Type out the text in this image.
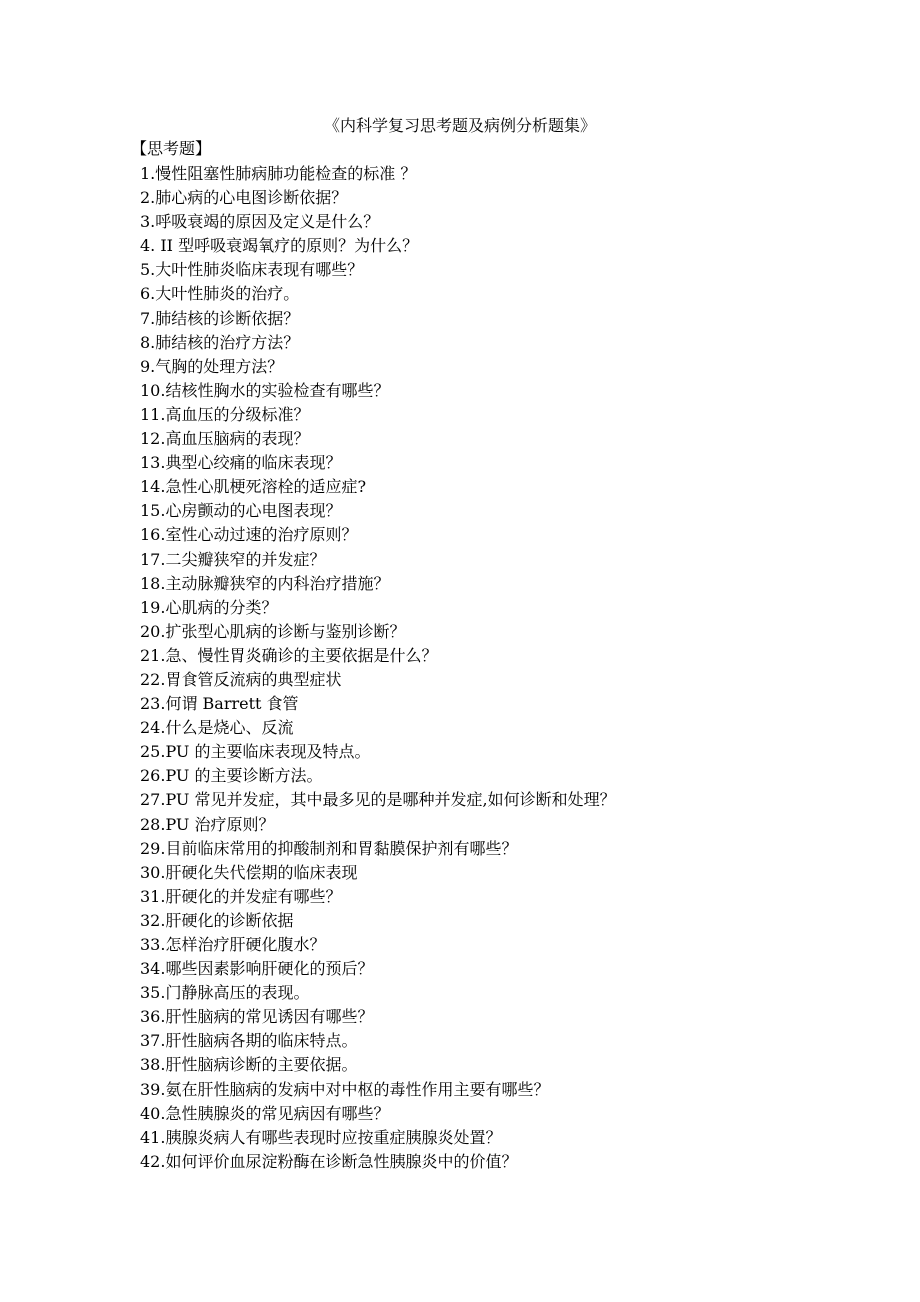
《内科学复习思考题及病例分析题集》
【思考题】
1.慢性阻塞性肺病肺功能检查的标准 ？
2.肺心病的心电图诊断依据？
3.呼吸衰竭的原因及定义是什么？
4. II 型呼吸衰竭氧疗的原则？为什么？
5.大叶性肺炎临床表现有哪些？
6.大叶性肺炎的治疗。
7.肺结核的诊断依据？
8.肺结核的治疗方法？
9.气胸的处理方法？
10.结核性胸水的实验检查有哪些？
11.高血压的分级标准？
12.高血压脑病的表现？
13.典型心绞痛的临床表现？
14.急性心肌梗死溶栓的适应症?
15.心房颤动的心电图表现？
16.室性心动过速的治疗原则？
17.二尖瓣狭窄的并发症？
18.主动脉瓣狭窄的内科治疗措施？
19.心肌病的分类？
20.扩张型心肌病的诊断与鉴别诊断？
21.急、慢性胃炎确诊的主要依据是什么？
22.胃食管反流病的典型症状
23.何谓 Barrett 食管
24.什么是烧心、反流
25.PU 的主要临床表现及特点。
26.PU 的主要诊断方法。
27.PU 常见并发症，其中最多见的是哪种并发症,如何诊断和处理？
28.PU 治疗原则？
29.目前临床常用的抑酸制剂和胃黏膜保护剂有哪些？
30.肝硬化失代偿期的临床表现
31.肝硬化的并发症有哪些？
32.肝硬化的诊断依据
33.怎样治疗肝硬化腹水？
34.哪些因素影响肝硬化的预后？
35.门静脉高压的表现。
36.肝性脑病的常见诱因有哪些？
37.肝性脑病各期的临床特点。
38.肝性脑病诊断的主要依据。
39.氨在肝性脑病的发病中对中枢的毒性作用主要有哪些？
40.急性胰腺炎的常见病因有哪些？
41.胰腺炎病人有哪些表现时应按重症胰腺炎处置？
42.如何评价血尿淀粉酶在诊断急性胰腺炎中的价值？
